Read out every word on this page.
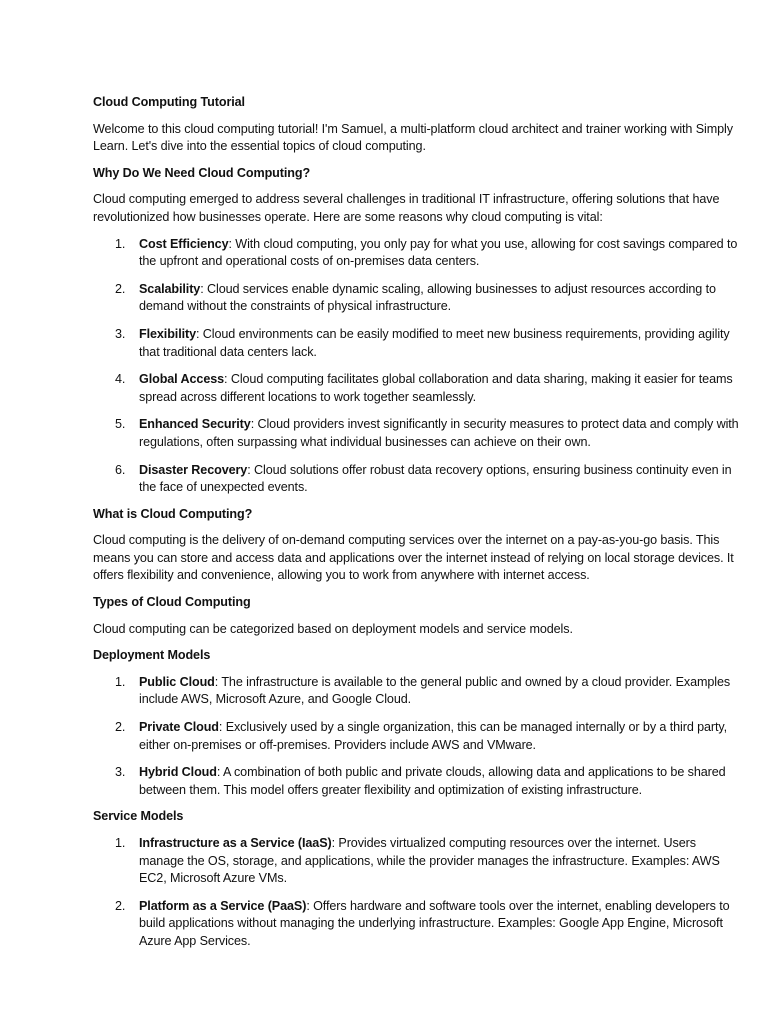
Cloud Computing Tutorial
Welcome to this cloud computing tutorial! I'm Samuel, a multi-platform cloud architect and trainer working with Simply Learn. Let's dive into the essential topics of cloud computing.
Why Do We Need Cloud Computing?
Cloud computing emerged to address several challenges in traditional IT infrastructure, offering solutions that have revolutionized how businesses operate. Here are some reasons why cloud computing is vital:
1. Cost Efficiency: With cloud computing, you only pay for what you use, allowing for cost savings compared to the upfront and operational costs of on-premises data centers.
2. Scalability: Cloud services enable dynamic scaling, allowing businesses to adjust resources according to demand without the constraints of physical infrastructure.
3. Flexibility: Cloud environments can be easily modified to meet new business requirements, providing agility that traditional data centers lack.
4. Global Access: Cloud computing facilitates global collaboration and data sharing, making it easier for teams spread across different locations to work together seamlessly.
5. Enhanced Security: Cloud providers invest significantly in security measures to protect data and comply with regulations, often surpassing what individual businesses can achieve on their own.
6. Disaster Recovery: Cloud solutions offer robust data recovery options, ensuring business continuity even in the face of unexpected events.
What is Cloud Computing?
Cloud computing is the delivery of on-demand computing services over the internet on a pay-as-you-go basis. This means you can store and access data and applications over the internet instead of relying on local storage devices. It offers flexibility and convenience, allowing you to work from anywhere with internet access.
Types of Cloud Computing
Cloud computing can be categorized based on deployment models and service models.
Deployment Models
1. Public Cloud: The infrastructure is available to the general public and owned by a cloud provider. Examples include AWS, Microsoft Azure, and Google Cloud.
2. Private Cloud: Exclusively used by a single organization, this can be managed internally or by a third party, either on-premises or off-premises. Providers include AWS and VMware.
3. Hybrid Cloud: A combination of both public and private clouds, allowing data and applications to be shared between them. This model offers greater flexibility and optimization of existing infrastructure.
Service Models
1. Infrastructure as a Service (IaaS): Provides virtualized computing resources over the internet. Users manage the OS, storage, and applications, while the provider manages the infrastructure. Examples: AWS EC2, Microsoft Azure VMs.
2. Platform as a Service (PaaS): Offers hardware and software tools over the internet, enabling developers to build applications without managing the underlying infrastructure. Examples: Google App Engine, Microsoft Azure App Services.
